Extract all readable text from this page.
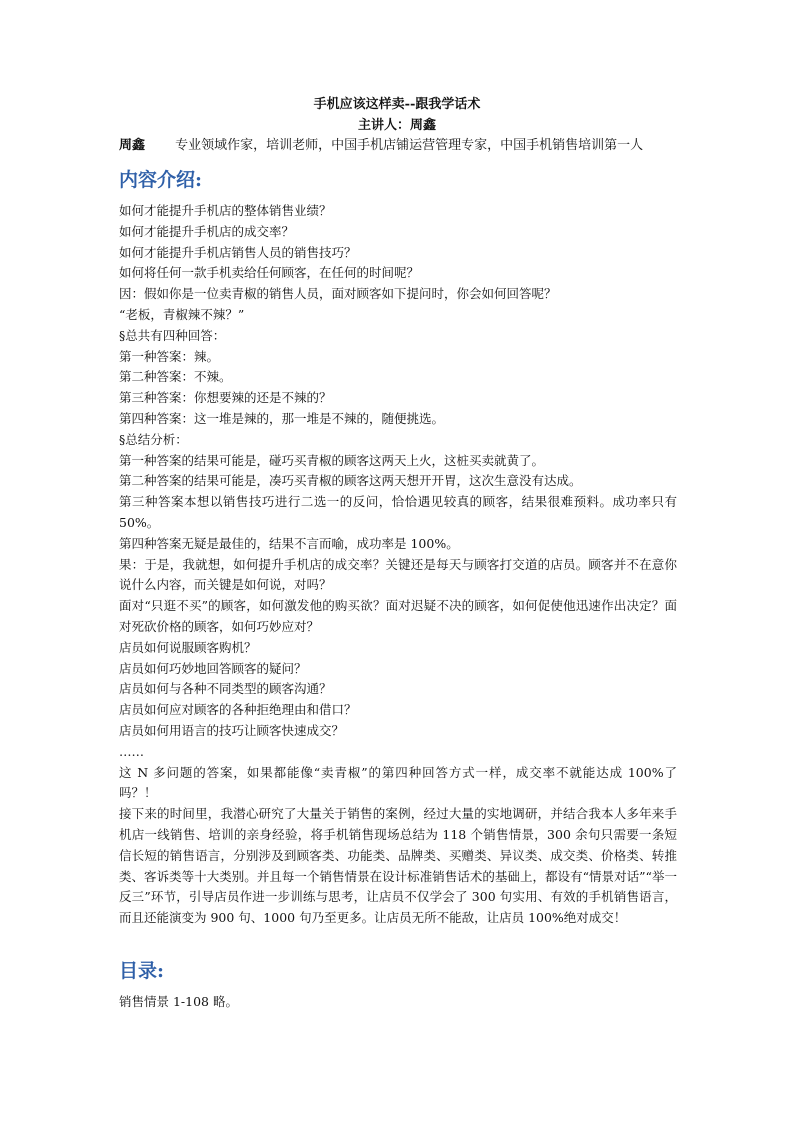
手机应该这样卖--跟我学话术
主讲人：周鑫
周鑫 专业领域作家，培训老师，中国手机店铺运营管理专家，中国手机销售培训第一人
内容介绍:

如何才能提升手机店的整体销售业绩？

如何才能提升手机店的成交率？

如何才能提升手机店销售人员的销售技巧？

如何将任何一款手机卖给任何顾客，在任何的时间呢？

因：假如你是一位卖青椒的销售人员，面对顾客如下提问时，你会如何回答呢？

“老板，青椒辣不辣？”

§总共有四种回答：

第一种答案：辣。

第二种答案：不辣。

第三种答案：你想要辣的还是不辣的？

第四种答案：这一堆是辣的，那一堆是不辣的，随便挑选。

§总结分析：

第一种答案的结果可能是，碰巧买青椒的顾客这两天上火，这桩买卖就黄了。

第二种答案的结果可能是，凑巧买青椒的顾客这两天想开开胃，这次生意没有达成。

第三种答案本想以销售技巧进行二选一的反问，恰恰遇见较真的顾客，结果很难预料。成功率只有 50%。

第四种答案无疑是最佳的，结果不言而喻，成功率是 100%。

果：于是，我就想，如何提升手机店的成交率？关键还是每天与顾客打交道的店员。顾客并不在意你说什么内容，而关键是如何说，对吗？

面对“只逛不买”的顾客，如何激发他的购买欲？面对迟疑不决的顾客，如何促使他迅速作出决定？面对死砍价格的顾客，如何巧妙应对？

店员如何说服顾客购机？

店员如何巧妙地回答顾客的疑问？

店员如何与各种不同类型的顾客沟通？

店员如何应对顾客的各种拒绝理由和借口？

店员如何用语言的技巧让顾客快速成交？

……

这 N 多问题的答案，如果都能像“卖青椒”的第四种回答方式一样，成交率不就能达成 100%了吗？！

接下来的时间里，我潜心研究了大量关于销售的案例，经过大量的实地调研，并结合我本人多年来手机店一线销售、培训的亲身经验，将手机销售现场总结为 118 个销售情景，300 余句只需要一条短信长短的销售语言，分别涉及到顾客类、功能类、品牌类、买赠类、异议类、成交类、价格类、转推类、客诉类等十大类别。并且每一个销售情景在设计标准销售话术的基础上，都设有“情景对话”“举一反三”环节，引导店员作进一步训练与思考，让店员不仅学会了 300 句实用、有效的手机销售语言，而且还能演变为 900 句、1000 句乃至更多。让店员无所不能敌，让店员 100%绝对成交！

目录:

销售情景 1-108 略。
